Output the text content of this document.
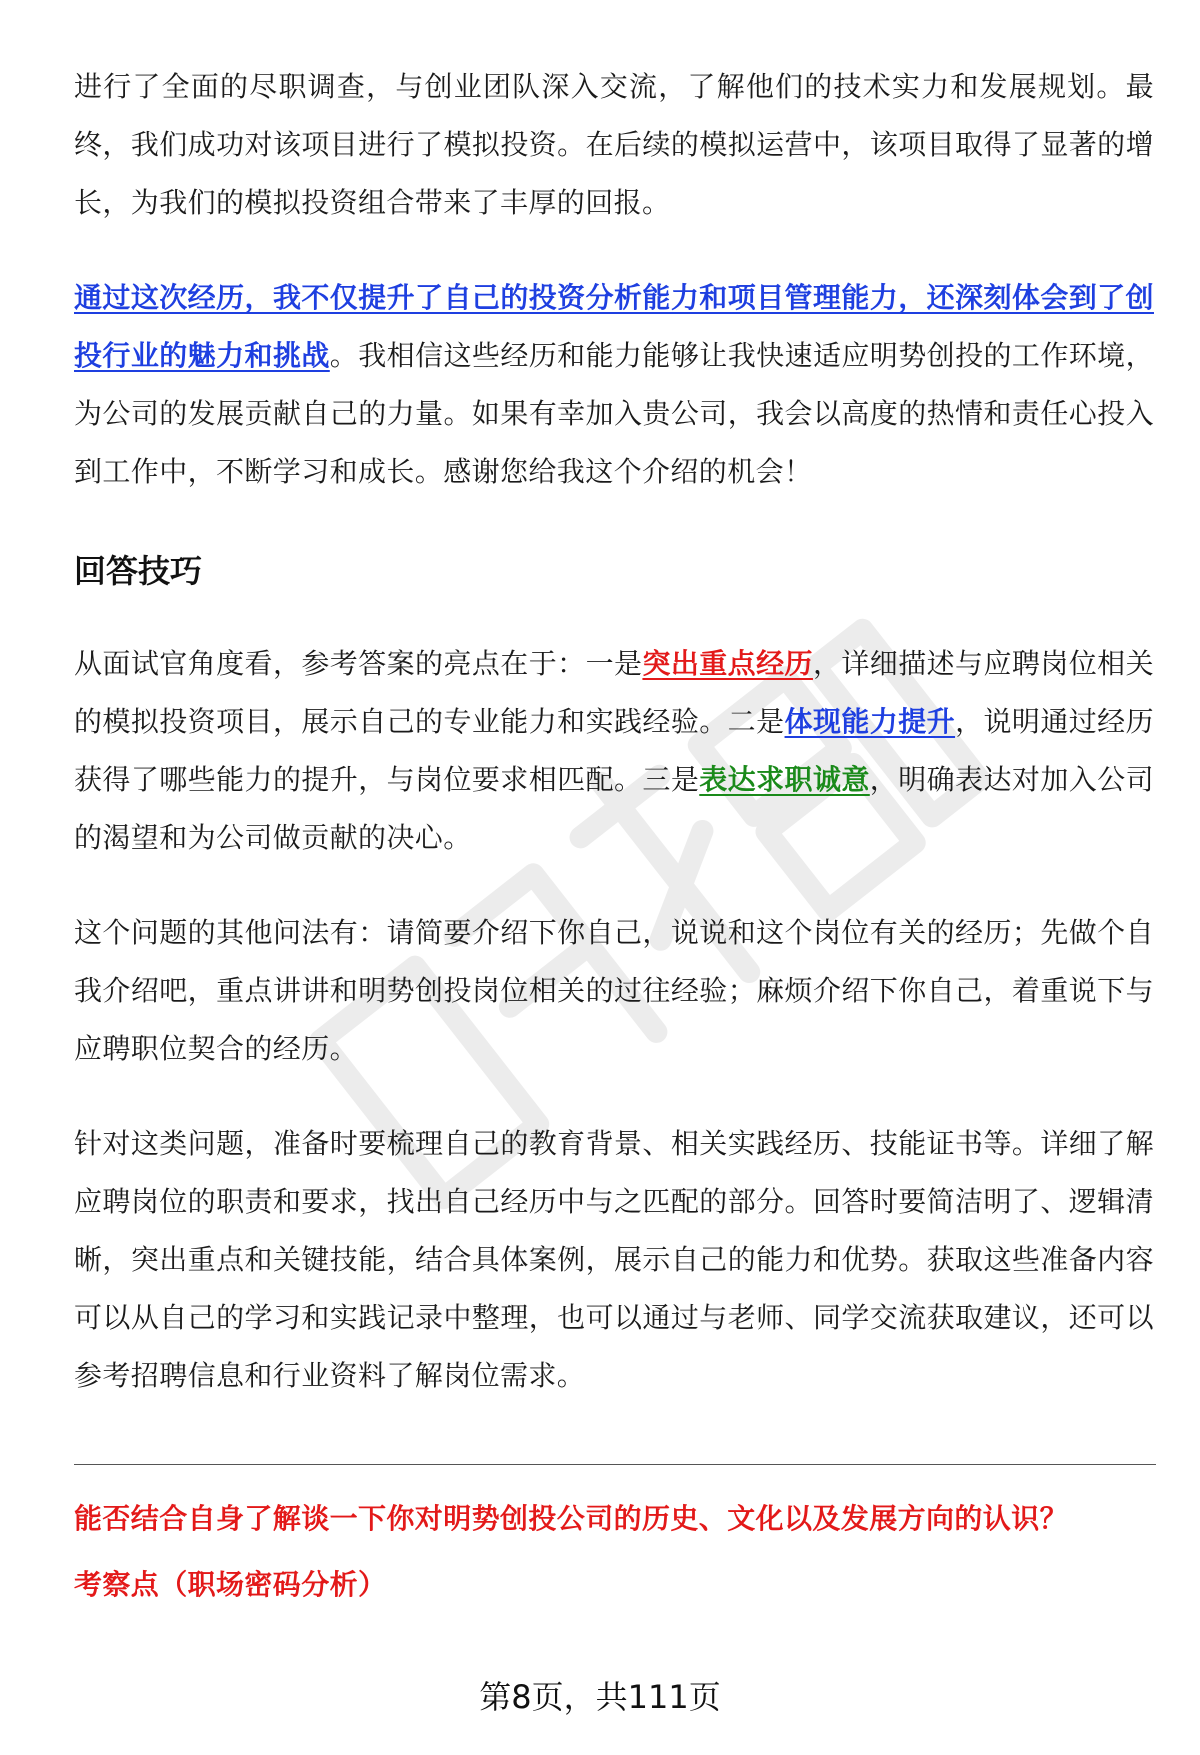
进行了全面的尽职调查，与创业团队深入交流，了解他们的技术实力和发展规划。最终，我们成功对该项目进行了模拟投资。在后续的模拟运营中，该项目取得了显著的增长，为我们的模拟投资组合带来了丰厚的回报。

通过这次经历，我不仅提升了自己的投资分析能力和项目管理能力，还深刻体会到了创投行业的魅力和挑战。我相信这些经历和能力能够让我快速适应明势创投的工作环境，为公司的发展贡献自己的力量。如果有幸加入贵公司，我会以高度的热情和责任心投入到工作中，不断学习和成长。感谢您给我这个介绍的机会！

回答技巧

从面试官角度看，参考答案的亮点在于：一是突出重点经历，详细描述与应聘岗位相关的模拟投资项目，展示自己的专业能力和实践经验。二是体现能力提升，说明通过经历获得了哪些能力的提升，与岗位要求相匹配。三是表达求职诚意，明确表达对加入公司的渴望和为公司做贡献的决心。

这个问题的其他问法有：请简要介绍下你自己，说说和这个岗位有关的经历；先做个自我介绍吧，重点讲讲和明势创投岗位相关的过往经验；麻烦介绍下你自己，着重说下与应聘职位契合的经历。

针对这类问题，准备时要梳理自己的教育背景、相关实践经历、技能证书等。详细了解应聘岗位的职责和要求，找出自己经历中与之匹配的部分。回答时要简洁明了、逻辑清晰，突出重点和关键技能，结合具体案例，展示自己的能力和优势。获取这些准备内容可以从自己的学习和实践记录中整理，也可以通过与老师、同学交流获取建议，还可以参考招聘信息和行业资料了解岗位需求。

能否结合自身了解谈一下你对明势创投公司的历史、文化以及发展方向的认识？
考察点（职场密码分析）
第8页，共111页
